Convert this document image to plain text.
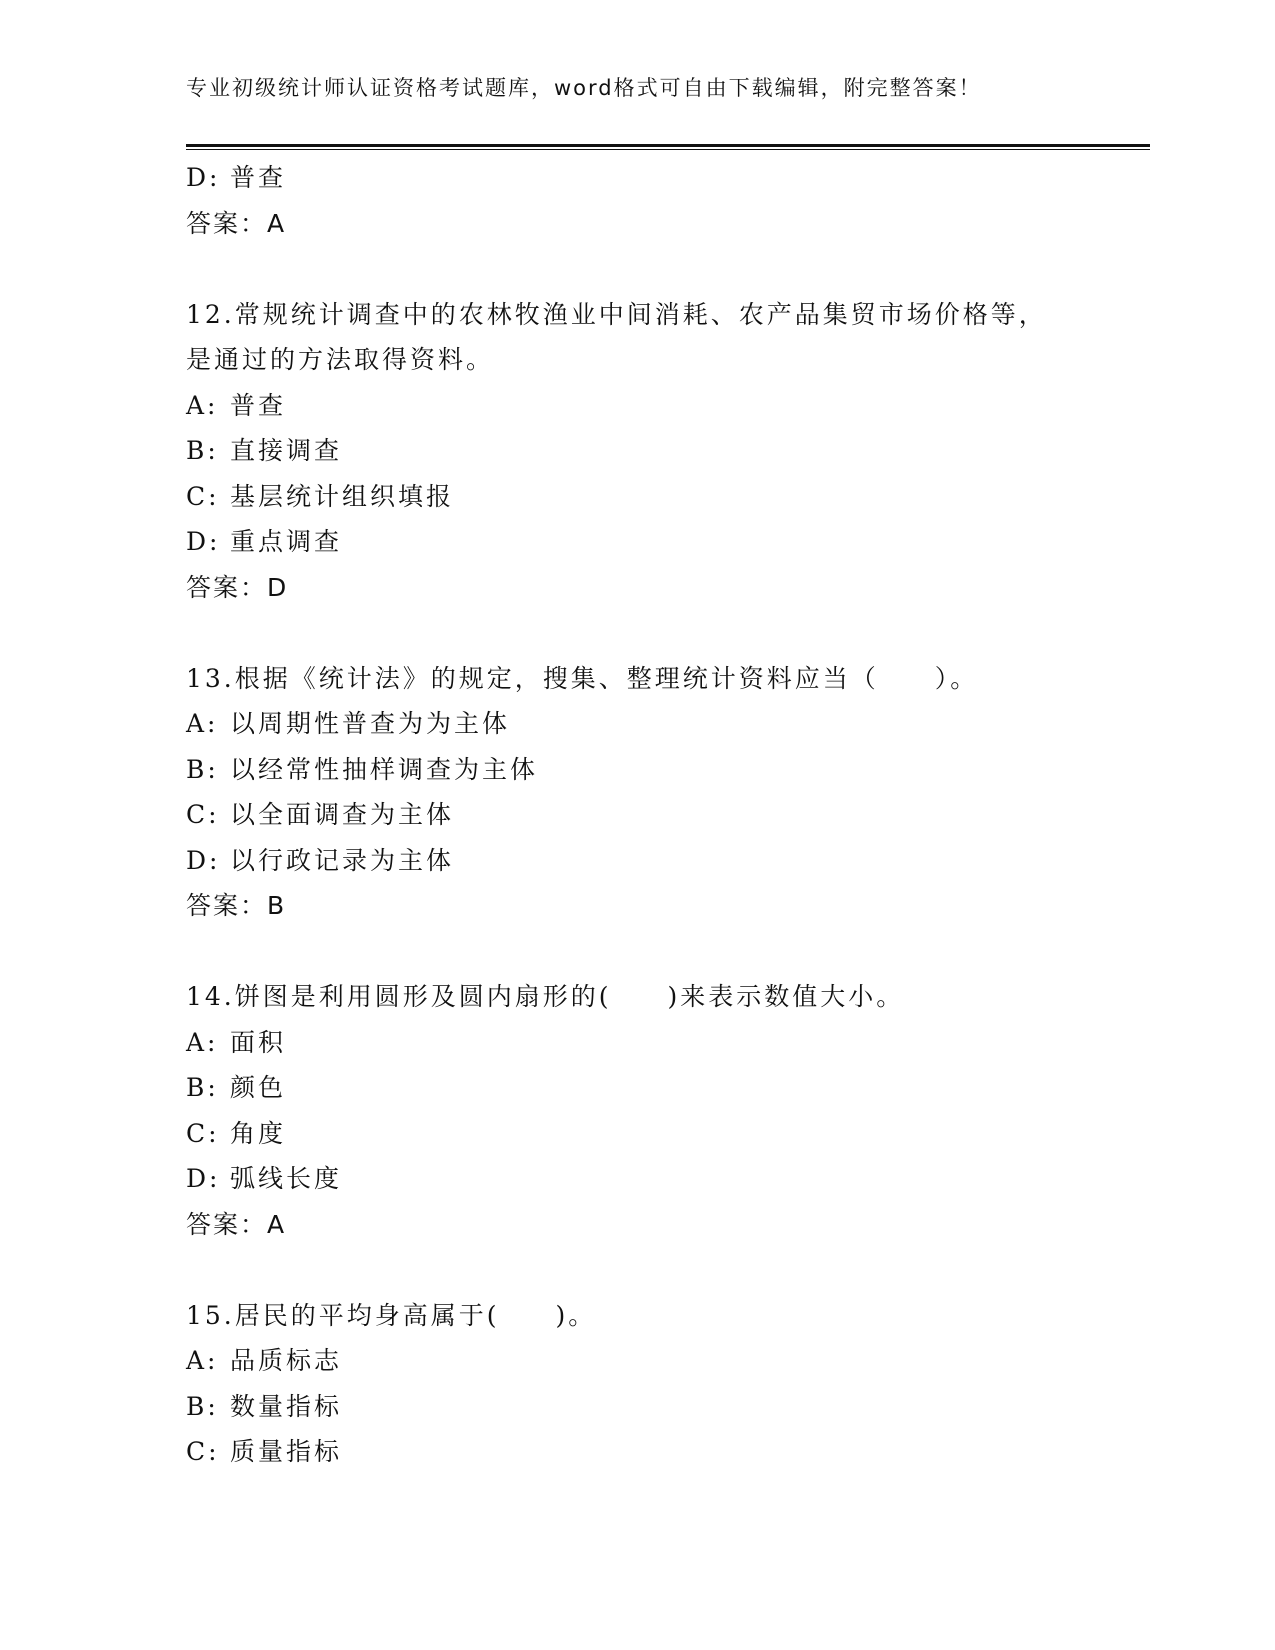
专业初级统计师认证资格考试题库，word格式可自由下载编辑，附完整答案！
D: 普查
答案：A
12.常规统计调查中的农林牧渔业中间消耗、农产品集贸市场价格等，
是通过的方法取得资料。
A: 普查
B: 直接调查
C: 基层统计组织填报
D: 重点调查
答案：D
13.根据《统计法》的规定，搜集、整理统计资料应当（　　）。
A: 以周期性普查为为主体
B: 以经常性抽样调查为主体
C: 以全面调查为主体
D: 以行政记录为主体
答案：B
14.饼图是利用圆形及圆内扇形的(　　)来表示数值大小。
A: 面积
B: 颜色
C: 角度
D: 弧线长度
答案：A
15.居民的平均身高属于(　　)。
A: 品质标志
B: 数量指标
C: 质量指标
